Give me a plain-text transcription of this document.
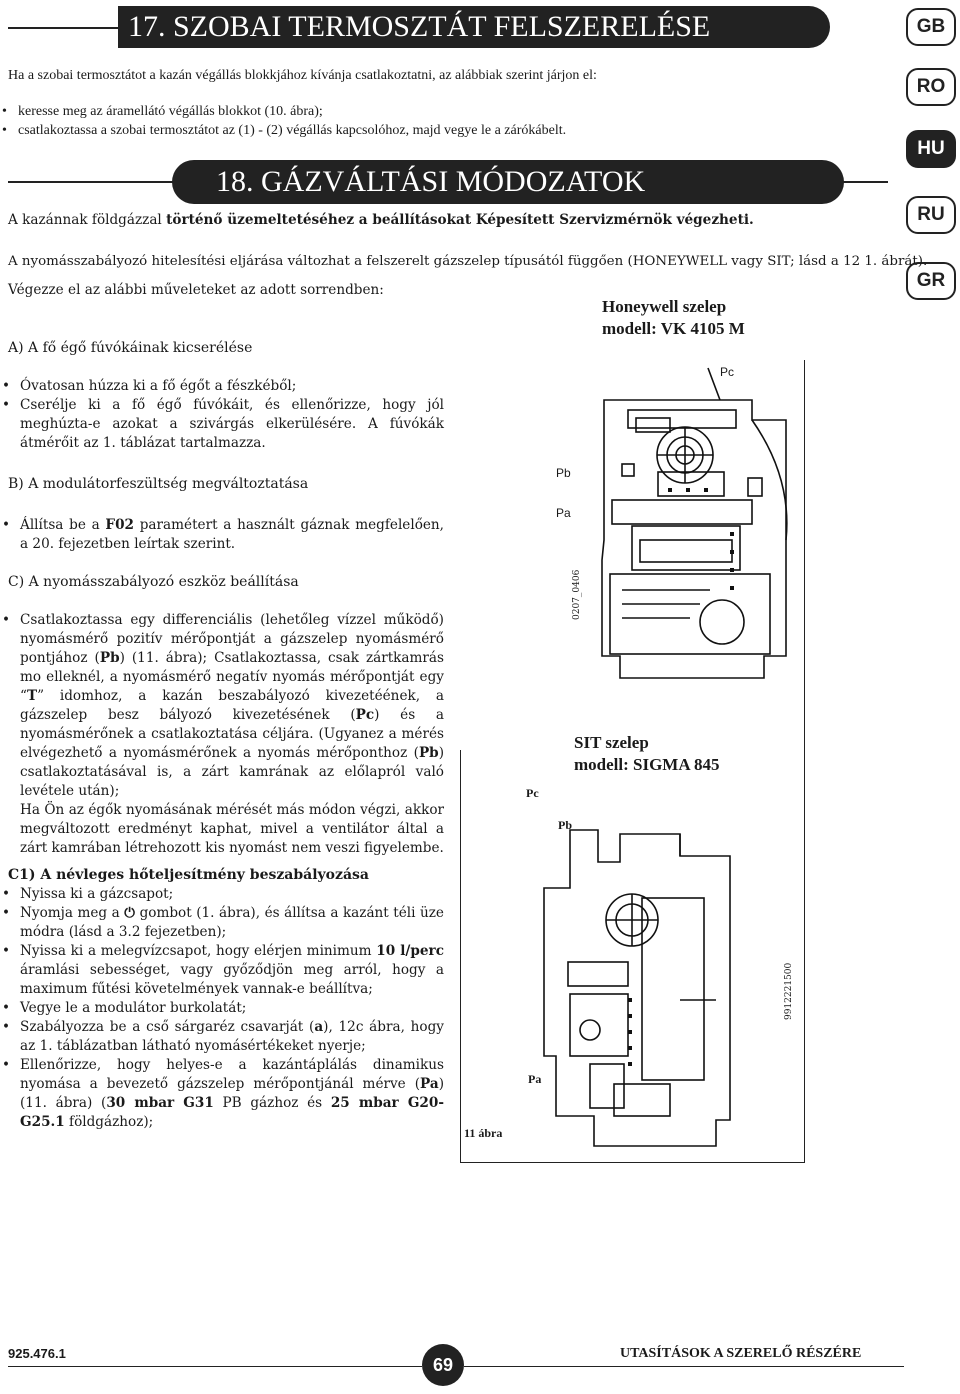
17. SZOBAI TERMOSZTÁT FELSZERELÉSE	GB
RO
HU
RU
GR
Ha a szobai termosztátot a kazán végállás blokkjához kívánja csatlakoztatni, az alábbiak szerint járjon el:
• keresse meg az áramellátó végállás blokkot (10. ábra);
• csatlakoztassa a szobai termosztátot az (1) - (2) végállás kapcsolóhoz, majd vegye le a zárókábelt.
18. GÁZVÁLTÁSI MÓDOZATOK
A kazánnak földgázzal történő üzemeltetéséhez a beállításokat Képesített Szervizmérnök végezheti.
A nyomásszabályozó hitelesítési eljárása változhat a felszerelt gázszelep típusától függően (HONEYWELL vagy SIT; lásd a 12 1. ábrát).
Végezze el az alábbi műveleteket az adott sorrendben:
A) A fő égő fúvókáinak kicserélése
• Óvatosan húzza ki a fő égőt a fészkéből;
• Cserélje ki a fő égő fúvókáit, és ellenőrizze, hogy jól meghúzta-e azokat a szivárgás elkerülésére. A fúvókák átmérőit az 1. táblázat tartalmazza.
B) A modulátorfeszültség megváltoztatása
• Állítsa be a F02 paramétert a használt gáznak megfelelően, a 20. fejezetben leírtak szerint.
C) A nyomásszabályozó eszköz beállítása
• Csatlakoztassa egy differenciális (lehetőleg vízzel működő) nyomásmérő pozitív mérőpontját a gázszelep nyomásmérő pontjához (Pb) (11. ábra); Csatlakoztassa, csak zártkamrás mo elleknél, a nyomásmérő negatív nyomás mérőpontját egy “T” idomhoz, a kazán beszabályozó kivezetéének, a gázszelep besz bályozó kivezetésének (Pc) és a nyomásmérőnek a csatlakoztatása céljára. (Ugyanez a mérés elvégezhető a nyomásmérőnek a nyomás mérőponthoz (Pb) csatlakoztatásával is, a zárt kamrának az előlapról való levétele után);
Ha Ön az égők nyomásának mérését más módon végzi, akkor megváltozott eredményt kaphat, mivel a ventilátor által a zárt kamrában létrehozott kis nyomást nem veszi figyelembe.
C1) A névleges hőteljesítmény beszabályozása
• Nyissa ki a gázcsapot;
• Nyomja meg a ⏻ gombot (1. ábra), és állítsa a kazánt téli üze módra (lásd a 3.2 fejezetben);
• Nyissa ki a melegvízcsapot, hogy elérjen minimum 10 l/perc áramlási sebességet, vagy győződjön meg arról, hogy a maximum fűtési követelmények vannak-e beállítva;
• Vegye le a modulátor burkolatát;
• Szabályozza be a cső sárgaréz csavarját (a), 12c ábra, hogy az 1. táblázatban látható nyomásértékeket nyerje;
• Ellenőrizze, hogy helyes-e a kazántáplálás dinamikus nyomása a bevezető gázszelep mérőpontjánál mérve (Pa) (11. ábra) (30 mbar G31 PB gázhoz és 25 mbar G20-G25.1 földgázhoz);
Honeywell szelep
modell: VK 4105 M
Pc
Pb
Pa
0207_0406
SIT szelep
modell: SIGMA 845
Pc
Pb
Pa
9912221500
11 ábra
925.476.1
69
UTASÍTÁSOK A SZERELŐ RÉSZÉRE
